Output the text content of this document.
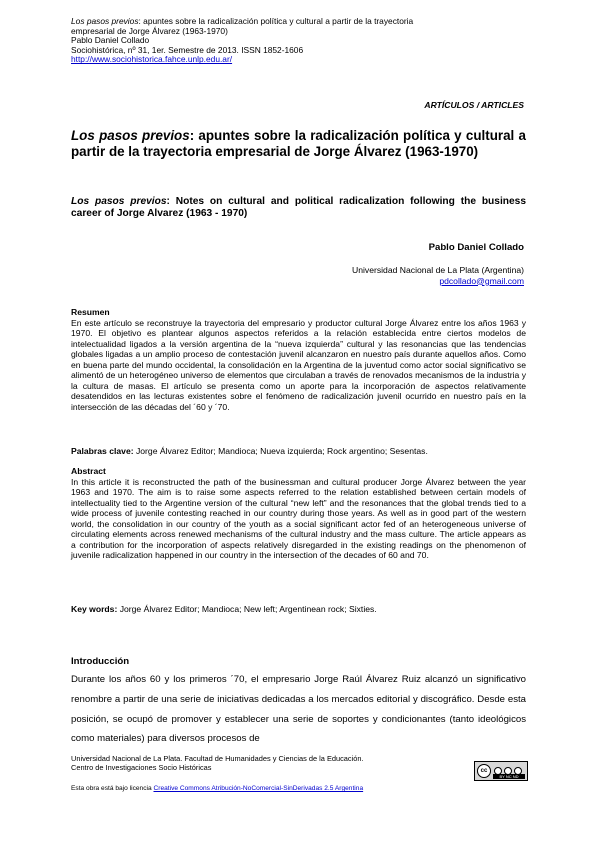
Los pasos previos: apuntes sobre la radicalización política y cultural a partir de la trayectoria
empresarial de Jorge Álvarez (1963-1970)
Pablo Daniel Collado
Sociohistórica, nº 31, 1er. Semestre de 2013. ISSN 1852-1606
http://www.sociohistorica.fahce.unlp.edu.ar/
ARTÍCULOS / ARTICLES
Los pasos previos: apuntes sobre la radicalización política y cultural a partir de la trayectoria empresarial de Jorge Álvarez (1963-1970)
Los pasos previos: Notes on cultural and political radicalization following the business career of Jorge Alvarez (1963 - 1970)
Pablo Daniel Collado
Universidad Nacional de La Plata (Argentina)
pdcollado@gmail.com
Resumen
En este artículo se reconstruye la trayectoria del empresario y productor cultural Jorge Álvarez entre los años 1963 y 1970. El objetivo es plantear algunos aspectos referidos a la relación establecida entre ciertos modelos de intelectualidad ligados a la versión argentina de la “nueva izquierda” cultural y las resonancias que las tendencias globales ligadas a un amplio proceso de contestación juvenil alcanzaron en nuestro país durante aquellos años. Como en buena parte del mundo occidental, la consolidación en la Argentina de la juventud como actor social significativo se alimentó de un heterogéneo universo de elementos que circulaban a través de renovados mecanismos de la industria y la cultura de masas. El artículo se presenta como un aporte para la incorporación de aspectos relativamente desatendidos en las lecturas existentes sobre el fenómeno de radicalización juvenil ocurrido en nuestro país en la intersección de las décadas del ´60 y ´70.
Palabras clave: Jorge Álvarez Editor; Mandioca; Nueva izquierda; Rock argentino; Sesentas.
Abstract
In this article it is reconstructed the path of the businessman and cultural producer Jorge Álvarez between the year 1963 and 1970. The aim is to raise some aspects referred to the relation established between certain models of intellectuality tied to the Argentine version of the cultural “new left” and the resonances that the global trends tied to a wide process of juvenile contesting reached in our country during those years. As well as in good part of the western world, the consolidation in our country of the youth as a social significant actor fed of an heterogeneous universe of circulating elements across renewed mechanisms of the cultural industry and the mass culture. The article appears as a contribution for the incorporation of aspects relatively disregarded in the existing readings on the phenomenon of juvenile radicalization happened in our country in the intersection of the decades of 60 and 70.
Key words: Jorge Álvarez Editor; Mandioca; New left; Argentinean rock; Sixties.
Introducción
Durante los años 60 y los primeros ´70, el empresario Jorge Raúl Álvarez Ruiz alcanzó un significativo renombre a partir de una serie de iniciativas dedicadas a los mercados editorial y discográfico. Desde esta posición, se ocupó de promover y establecer una serie de soportes y condicionantes (tanto ideológicos como materiales) para diversos procesos de
Universidad Nacional de La Plata. Facultad de Humanidades y Ciencias de la Educación.
Centro de Investigaciones Socio Históricas	cc
BY NC ND
Esta obra está bajo licencia Creative Commons Atribución-NoComercial-SinDerivadas 2.5 Argentina
